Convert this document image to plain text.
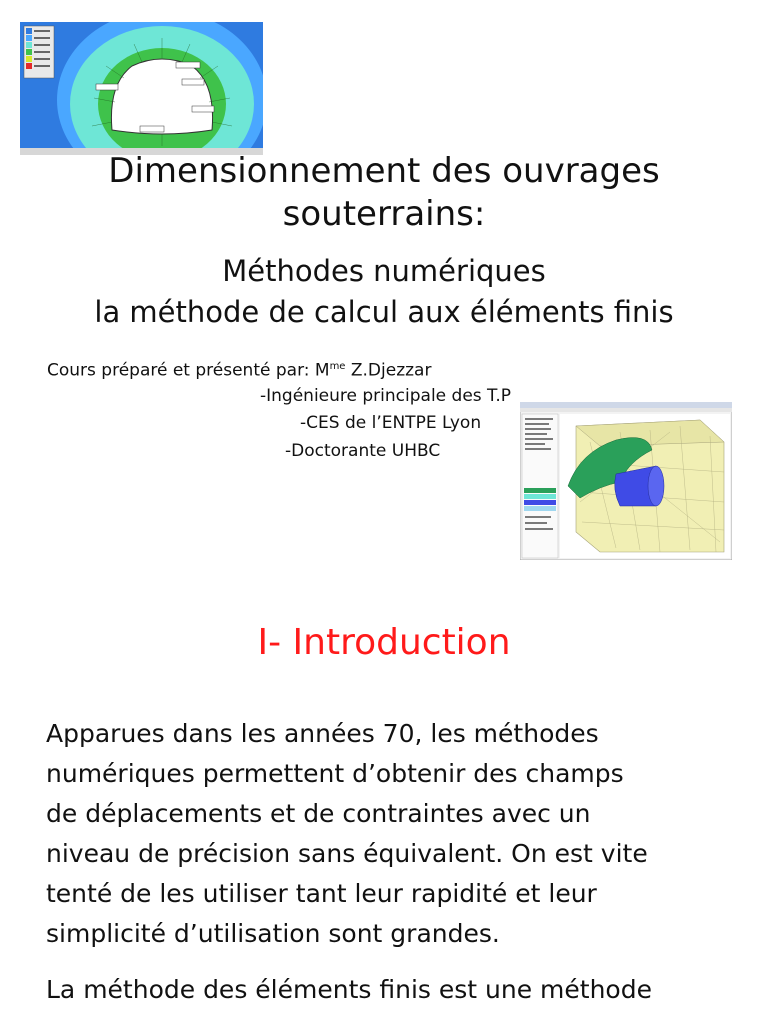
Dimensionnement des ouvrages
souterrains:
Méthodes numériques
la méthode de calcul aux éléments finis
Cours préparé et présenté par: $M^{me}$ Z.Djezzar
-Ingénieure principale des T.P
-CES de l’ENTPE Lyon
-Doctorante UHBC
I- Introduction
Apparues dans les années 70, les méthodes
numériques permettent d’obtenir des champs
de déplacements et de contraintes avec un
niveau de précision sans équivalent. On est vite
tenté de les utiliser tant leur rapidité et leur
simplicité d’utilisation sont grandes.
La méthode des éléments finis est une méthode
